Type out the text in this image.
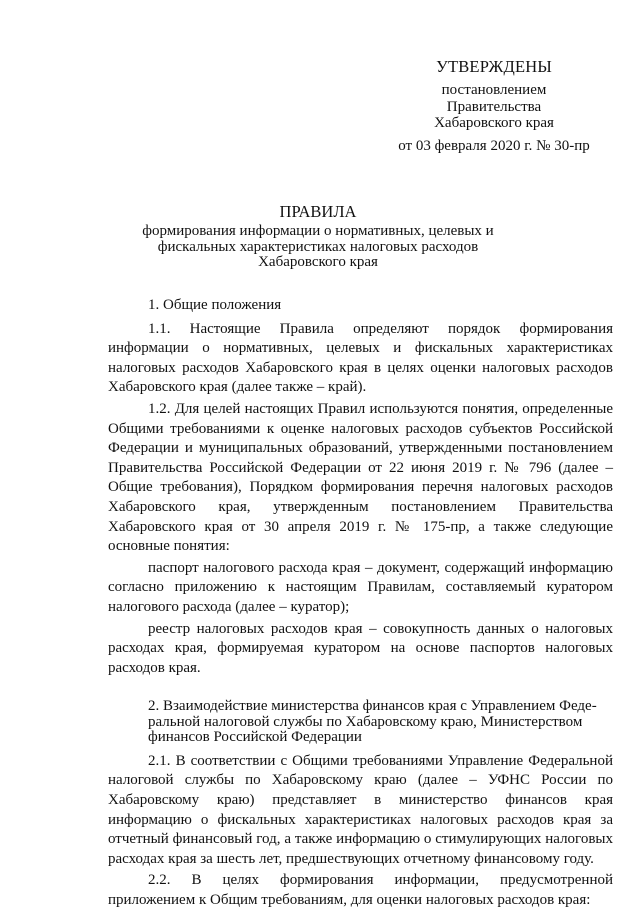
УТВЕРЖДЕНЫ
постановлением
Правительства
Хабаровского края
от 03 февраля 2020 г. № 30-пр
ПРАВИЛА
формирования информации о нормативных, целевых и
фискальных характеристиках налоговых расходов
Хабаровского края

1. Общие положения

1.1. Настоящие Правила определяют порядок формирования информации о нормативных, целевых и фискальных характеристиках налоговых расходов Хабаровского края в целях оценки налоговых расходов Хабаровского края (далее также – край).

1.2. Для целей настоящих Правил используются понятия, определенные Общими требованиями к оценке налоговых расходов субъектов Российской Федерации и муниципальных образований, утвержденными постановлением Правительства Российской Федерации от 22 июня 2019 г. № 796 (далее – Общие требования), Порядком формирования перечня налоговых расходов Хабаровского края, утвержденным постановлением Правительства Хабаровского края от 30 апреля 2019 г. № 175-пр, а также следующие основные понятия:

паспорт налогового расхода края – документ, содержащий информацию согласно приложению к настоящим Правилам, составляемый куратором налогового расхода (далее – куратор);

реестр налоговых расходов края – совокупность данных о налоговых расходах края, формируемая куратором на основе паспортов налоговых расходов края.

2. Взаимодействие министерства финансов края с Управлением Феде-
ральной налоговой службы по Хабаровскому краю, Министерством
финансов Российской Федерации

2.1. В соответствии с Общими требованиями Управление Федеральной налоговой службы по Хабаровскому краю (далее – УФНС России по Хабаровскому краю) представляет в министерство финансов края информацию о фискальных характеристиках налоговых расходов края за отчетный финансовый год, а также информацию о стимулирующих налоговых расходах края за шесть лет, предшествующих отчетному финансовому году.

2.2. В целях формирования информации, предусмотренной приложением к Общим требованиям, для оценки налоговых расходов края:
